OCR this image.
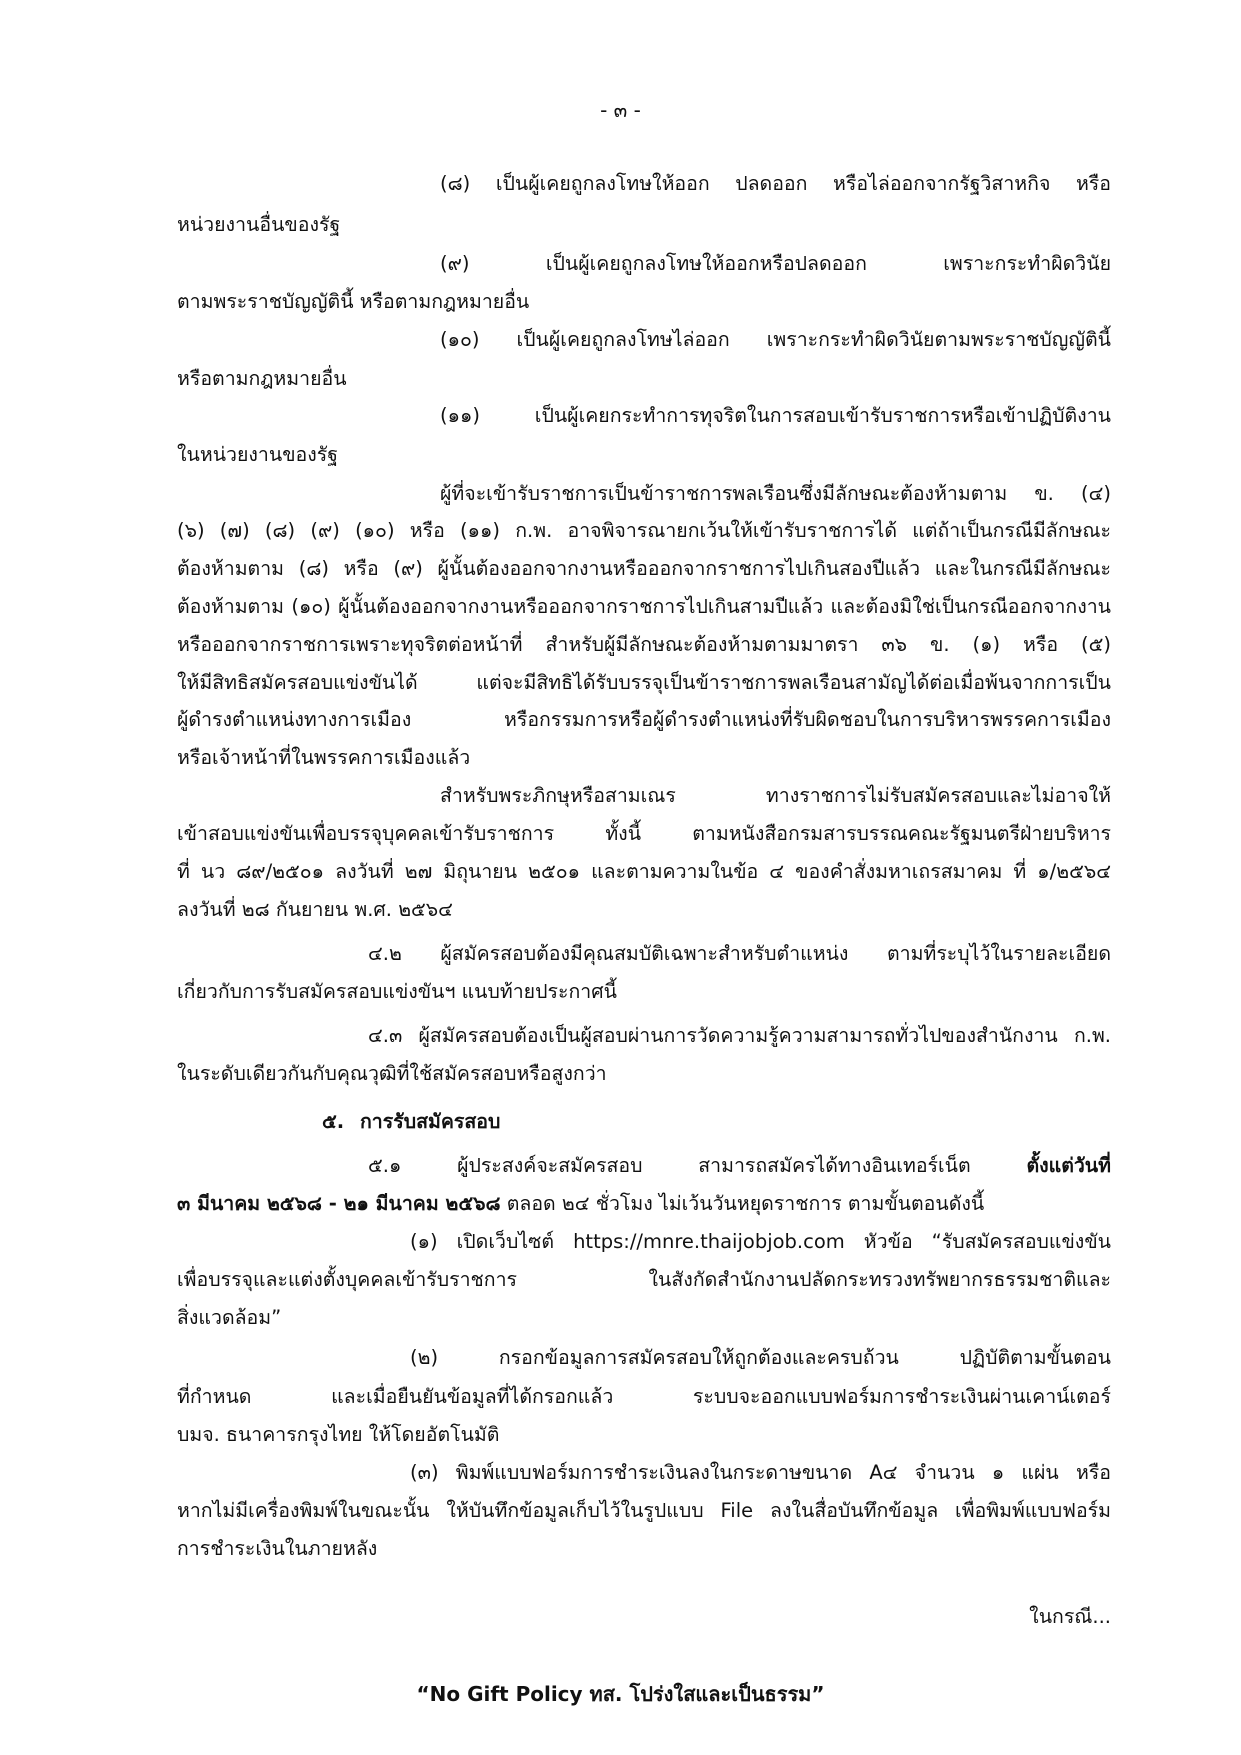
- ๓ -
(๘) เป็นผู้เคยถูกลงโทษให้ออก ปลดออก หรือไล่ออกจากรัฐวิสาหกิจ หรือ
หน่วยงานอื่นของรัฐ
(๙) เป็นผู้เคยถูกลงโทษให้ออกหรือปลดออก เพราะกระทำผิดวินัย
ตามพระราชบัญญัตินี้ หรือตามกฎหมายอื่น
(๑๐) เป็นผู้เคยถูกลงโทษไล่ออก เพราะกระทำผิดวินัยตามพระราชบัญญัตินี้
หรือตามกฎหมายอื่น
(๑๑) เป็นผู้เคยกระทำการทุจริตในการสอบเข้ารับราชการหรือเข้าปฏิบัติงาน
ในหน่วยงานของรัฐ
ผู้ที่จะเข้ารับราชการเป็นข้าราชการพลเรือนซึ่งมีลักษณะต้องห้ามตาม ข. (๔)
(๖) (๗) (๘) (๙) (๑๐) หรือ (๑๑) ก.พ. อาจพิจารณายกเว้นให้เข้ารับราชการได้ แต่ถ้าเป็นกรณีมีลักษณะ
ต้องห้ามตาม (๘) หรือ (๙) ผู้นั้นต้องออกจากงานหรือออกจากราชการไปเกินสองปีแล้ว และในกรณีมีลักษณะ
ต้องห้ามตาม (๑๐) ผู้นั้นต้องออกจากงานหรือออกจากราชการไปเกินสามปีแล้ว และต้องมิใช่เป็นกรณีออกจากงาน
หรือออกจากราชการเพราะทุจริตต่อหน้าที่ สำหรับผู้มีลักษณะต้องห้ามตามมาตรา ๓๖ ข. (๑) หรือ (๕)
ให้มีสิทธิสมัครสอบแข่งขันได้ แต่จะมีสิทธิได้รับบรรจุเป็นข้าราชการพลเรือนสามัญได้ต่อเมื่อพ้นจากการเป็น
ผู้ดำรงตำแหน่งทางการเมือง หรือกรรมการหรือผู้ดำรงตำแหน่งที่รับผิดชอบในการบริหารพรรคการเมือง
หรือเจ้าหน้าที่ในพรรคการเมืองแล้ว
สำหรับพระภิกษุหรือสามเณร ทางราชการไม่รับสมัครสอบและไม่อาจให้
เข้าสอบแข่งขันเพื่อบรรจุบุคคลเข้ารับราชการ ทั้งนี้ ตามหนังสือกรมสารบรรณคณะรัฐมนตรีฝ่ายบริหาร
ที่ นว ๘๙/๒๕๐๑ ลงวันที่ ๒๗ มิถุนายน ๒๕๐๑ และตามความในข้อ ๔ ของคำสั่งมหาเถรสมาคม ที่ ๑/๒๕๖๔
ลงวันที่ ๒๘ กันยายน พ.ศ. ๒๕๖๔
๔.๒ ผู้สมัครสอบต้องมีคุณสมบัติเฉพาะสำหรับตำแหน่ง ตามที่ระบุไว้ในรายละเอียด
เกี่ยวกับการรับสมัครสอบแข่งขันฯ แนบท้ายประกาศนี้
๔.๓ ผู้สมัครสอบต้องเป็นผู้สอบผ่านการวัดความรู้ความสามารถทั่วไปของสำนักงาน ก.พ.
ในระดับเดียวกันกับคุณวุฒิที่ใช้สมัครสอบหรือสูงกว่า
๕. การรับสมัครสอบ
๕.๑ ผู้ประสงค์จะสมัครสอบ สามารถสมัครได้ทางอินเทอร์เน็ต ตั้งแต่วันที่
๓ มีนาคม ๒๕๖๘ - ๒๑ มีนาคม ๒๕๖๘ ตลอด ๒๔ ชั่วโมง ไม่เว้นวันหยุดราชการ ตามขั้นตอนดังนี้
(๑) เปิดเว็บไซต์ https://mnre.thaijobjob.com หัวข้อ “รับสมัครสอบแข่งขัน
เพื่อบรรจุและแต่งตั้งบุคคลเข้ารับราชการ ในสังกัดสำนักงานปลัดกระทรวงทรัพยากรธรรมชาติและ
สิ่งแวดล้อม”
(๒) กรอกข้อมูลการสมัครสอบให้ถูกต้องและครบถ้วน ปฏิบัติตามขั้นตอน
ที่กำหนด และเมื่อยืนยันข้อมูลที่ได้กรอกแล้ว ระบบจะออกแบบฟอร์มการชำระเงินผ่านเคาน์เตอร์
บมจ. ธนาคารกรุงไทย ให้โดยอัตโนมัติ
(๓) พิมพ์แบบฟอร์มการชำระเงินลงในกระดาษขนาด A๔ จำนวน ๑ แผ่น หรือ
หากไม่มีเครื่องพิมพ์ในขณะนั้น ให้บันทึกข้อมูลเก็บไว้ในรูปแบบ File ลงในสื่อบันทึกข้อมูล เพื่อพิมพ์แบบฟอร์ม
การชำระเงินในภายหลัง
ในกรณี...
“No Gift Policy ทส. โปร่งใสและเป็นธรรม”
